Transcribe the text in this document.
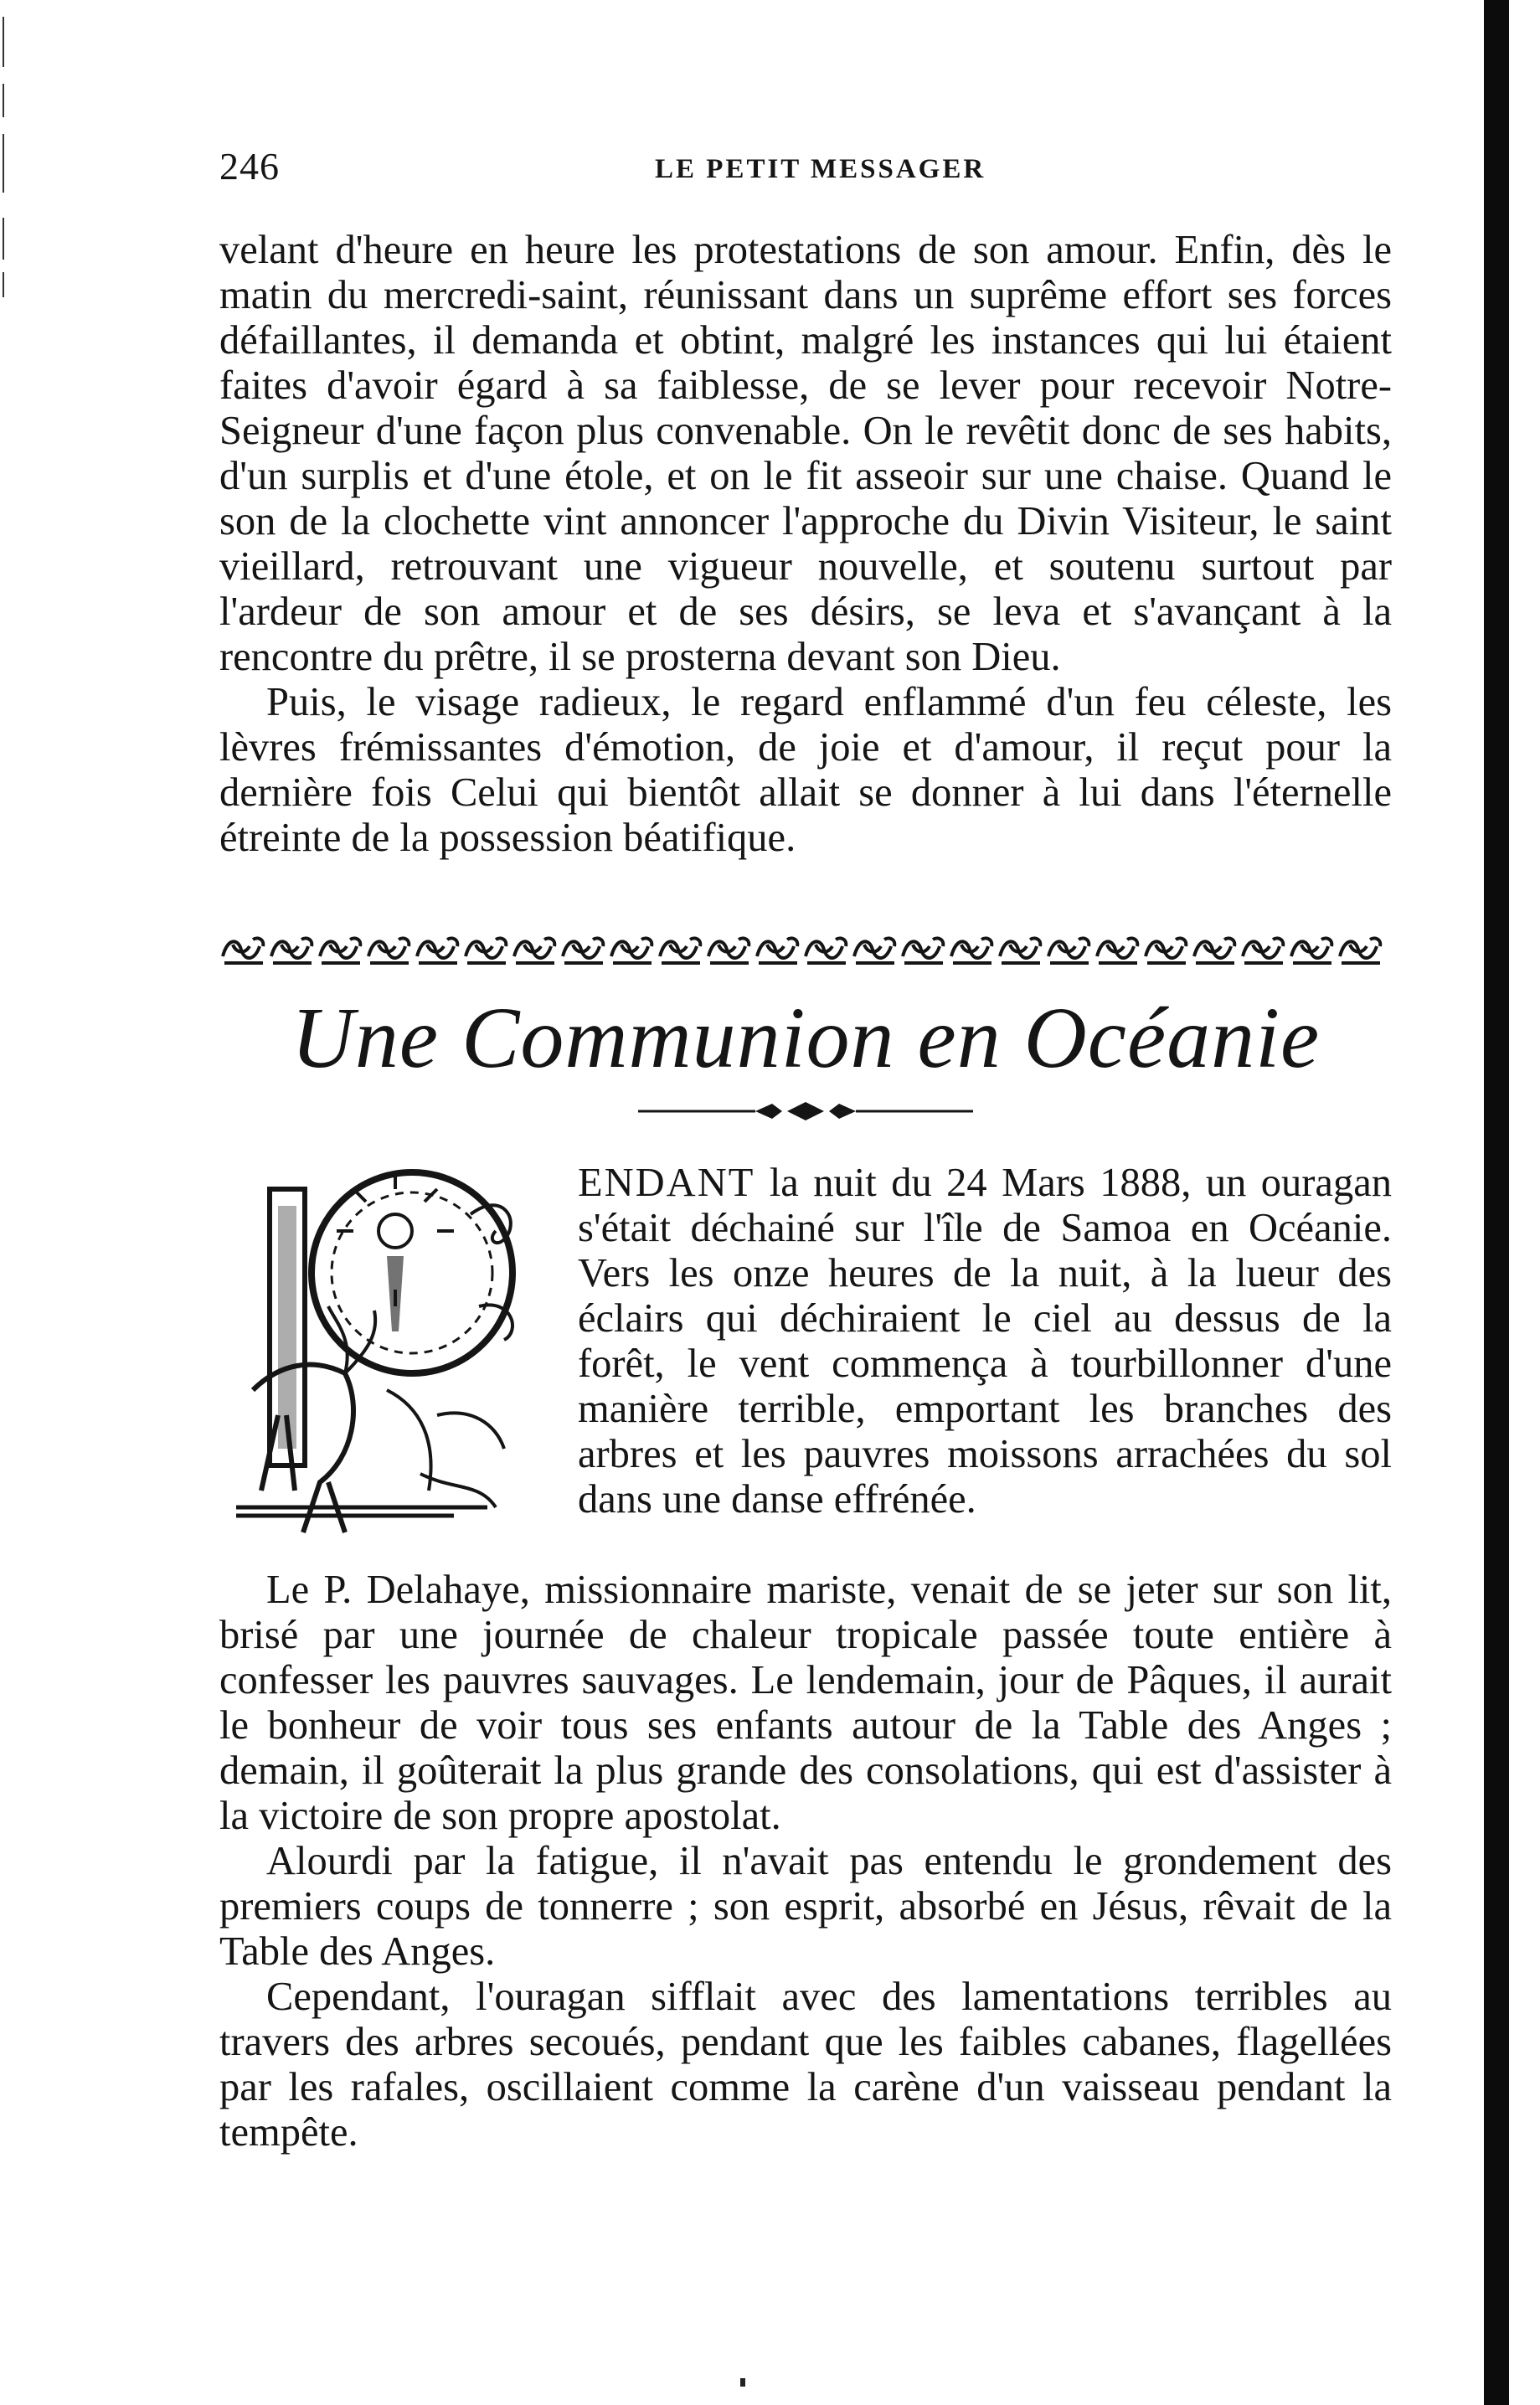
246	LE PETIT MESSAGER

velant d'heure en heure les protestations de son amour. Enfin, dès le matin du mercredi-saint, réunissant dans un suprême effort ses forces défaillantes, il demanda et obtint, malgré les instances qui lui étaient faites d'avoir égard à sa faiblesse, de se lever pour recevoir Notre-Seigneur d'une façon plus convenable. On le revêtit donc de ses habits, d'un surplis et d'une étole, et on le fit asseoir sur une chaise. Quand le son de la clochette vint annoncer l'approche du Divin Visiteur, le saint vieillard, retrouvant une vigueur nouvelle, et soutenu surtout par l'ardeur de son amour et de ses désirs, se leva et s'avançant à la rencontre du prêtre, il se prosterna devant son Dieu.

Puis, le visage radieux, le regard enflammé d'un feu céleste, les lèvres frémissantes d'émotion, de joie et d'amour, il reçut pour la dernière fois Celui qui bientôt allait se donner à lui dans l'éternelle étreinte de la possession béatifique.

Une Communion en Océanie

ENDANT la nuit du 24 Mars 1888, un ouragan s'était déchainé sur l'île de Samoa en Océanie. Vers les onze heures de la nuit, à la lueur des éclairs qui déchiraient le ciel au dessus de la forêt, le vent commença à tourbillonner d'une manière terrible, emportant les branches des arbres et les pauvres moissons arrachées du sol dans une danse effrénée.

Le P. Delahaye, missionnaire mariste, venait de se jeter sur son lit, brisé par une journée de chaleur tropicale passée toute entière à confesser les pauvres sauvages. Le lendemain, jour de Pâques, il aurait le bonheur de voir tous ses enfants autour de la Table des Anges ; demain, il goûterait la plus grande des consolations, qui est d'assister à la victoire de son propre apostolat.

Alourdi par la fatigue, il n'avait pas entendu le grondement des premiers coups de tonnerre ; son esprit, absorbé en Jésus, rêvait de la Table des Anges.

Cependant, l'ouragan sifflait avec des lamentations terribles au travers des arbres secoués, pendant que les faibles cabanes, flagellées par les rafales, oscillaient comme la carène d'un vaisseau pendant la tempête.
